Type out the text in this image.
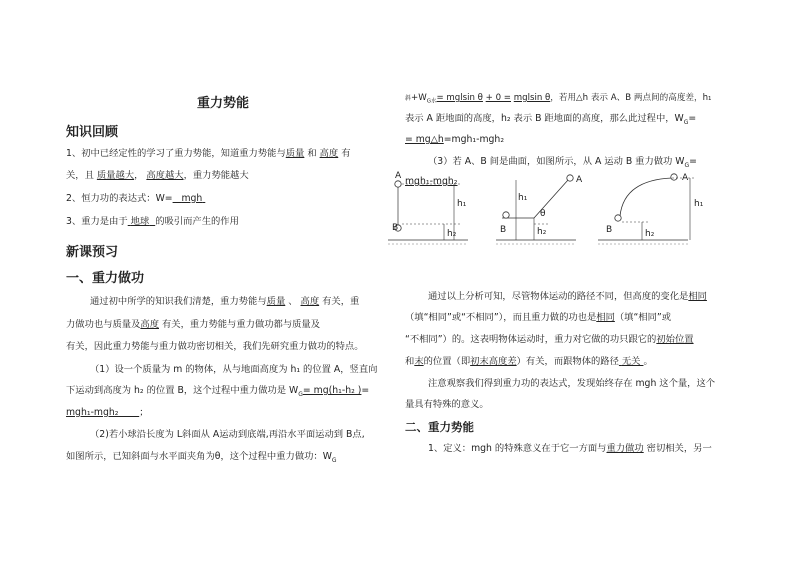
重力势能
知识回顾
1、初中已经定性的学习了重力势能，知道重力势能与质量 和 高度 有
关，且 质量越大， 高度越大，重力势能越大
2、恒力功的表达式：W= mgh
3、重力是由于 地球 的吸引而产生的作用
新课预习
一、重力做功
通过初中所学的知识我们清楚，重力势能与质量 、 高度 有关，重
力做功也与质量及高度 有关，重力势能与重力做功都与质量及
有关，因此重力势能与重力做功密切相关，我们先研究重力做功的特点。
（1）设一个质量为 m 的物体，从与地面高度为 h₁ 的位置 A，竖直向
下运动到高度为 h₂ 的位置 B，这个过程中重力做功是 $W_G= mg(h_1-h_2$ )=
mgh₁-mgh₂ ；
（2)若小球沿长度为 L斜面从 A运动到底端,再沿水平面运动到 B点,
如图所示，已知斜面与水平面夹角为θ，这个过程中重力做功：$W_G$
斜$+W_{G水}= mglsin$ θ + 0 = mglsin θ，若用△h 表示 A、B 两点间的高度差，h₁
表示 A 距地面的高度，h₂ 表示 B 距地面的高度，那么此过程中，$W_G=$
= mg△h=mgh₁-mgh₂
（3）若 A、B 间是曲面，如图所示，从 A 运动 B 重力做功 $W_G=$
mgh₁-mgh₂
A
B
h₁
h₂
A
B
θ
h₁
h₂
A
B
h₁
h₂
通过以上分析可知，尽管物体运动的路径不同，但高度的变化是相同
（填“相同”或“不相同”），而且重力做的功也是相同（填“相同”或
“不相同”）的。这表明物体运动时，重力对它做的功只跟它的初始位置
和末的位置（即初末高度差）有关，而跟物体的路径 无关 。
注意观察我们得到重力功的表达式，发现始终存在 mgh 这个量，这个
量具有特殊的意义。
二、重力势能
1、定义：mgh 的特殊意义在于它一方面与重力做功 密切相关，另一
